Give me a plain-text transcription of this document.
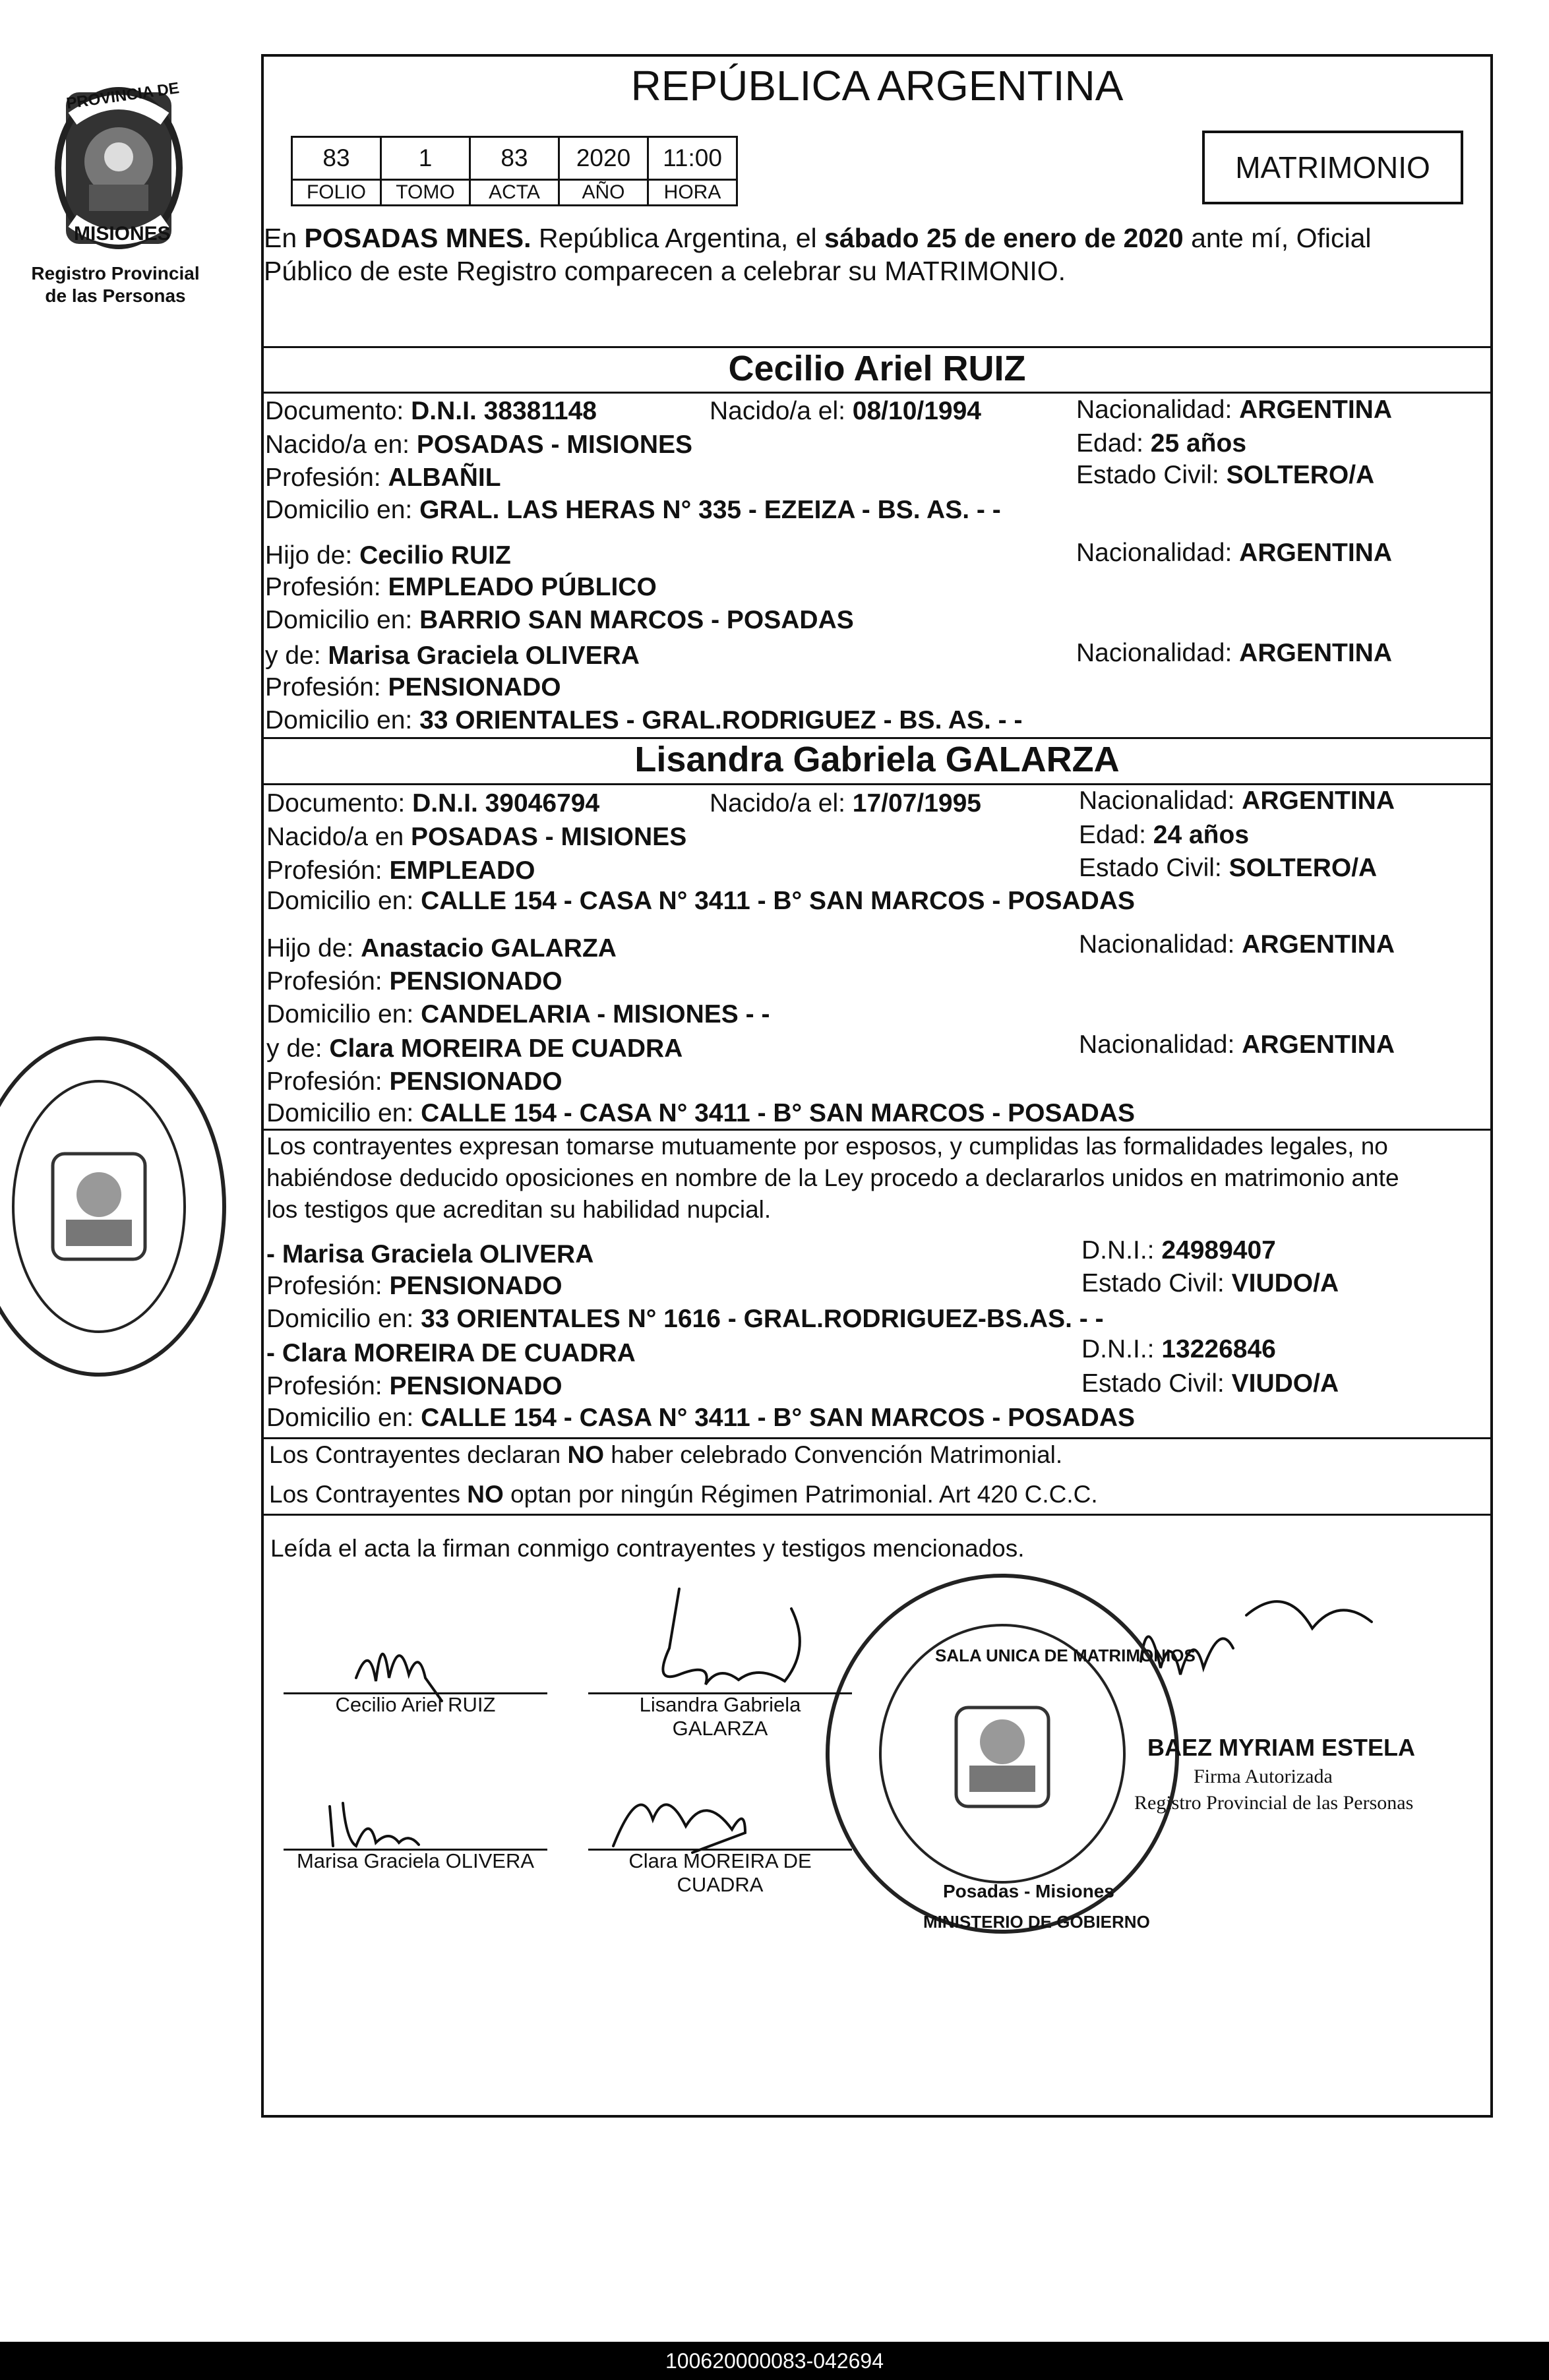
PROVINCIA DE
MISIONES
Registro Provincial
de las Personas
REPÚBLICA ARGENTINA
83	1	83	2020	11:00
FOLIO	TOMO	ACTA	AÑO	HORA
MATRIMONIO
En POSADAS MNES. República Argentina, el sábado 25 de enero de 2020 ante mí, Oficial
Público de este Registro comparecen a celebrar su MATRIMONIO.
Cecilio Ariel RUIZ
Documento: D.N.I. 38381148	Nacido/a el: 08/10/1994	Nacionalidad: ARGENTINA
Nacido/a en: POSADAS - MISIONES	Edad: 25 años
Profesión: ALBAÑIL	Estado Civil: SOLTERO/A
Domicilio en: GRAL. LAS HERAS N° 335 - EZEIZA - BS. AS. - -
Hijo de: Cecilio RUIZ	Nacionalidad: ARGENTINA
Profesión: EMPLEADO PÚBLICO
Domicilio en: BARRIO SAN MARCOS - POSADAS
y de: Marisa Graciela OLIVERA	Nacionalidad: ARGENTINA
Profesión: PENSIONADO
Domicilio en: 33 ORIENTALES - GRAL.RODRIGUEZ - BS. AS. - -
Lisandra Gabriela GALARZA
Documento: D.N.I. 39046794	Nacido/a el: 17/07/1995	Nacionalidad: ARGENTINA
Nacido/a en POSADAS - MISIONES	Edad: 24 años
Profesión: EMPLEADO	Estado Civil: SOLTERO/A
Domicilio en: CALLE 154 - CASA N° 3411 - B° SAN MARCOS - POSADAS
Hijo de: Anastacio GALARZA	Nacionalidad: ARGENTINA
Profesión: PENSIONADO
Domicilio en: CANDELARIA - MISIONES - -
y de: Clara MOREIRA DE CUADRA	Nacionalidad: ARGENTINA
Profesión: PENSIONADO
Domicilio en: CALLE 154 - CASA N° 3411 - B° SAN MARCOS - POSADAS
Los contrayentes expresan tomarse mutuamente por esposos, y cumplidas las formalidades legales, no
habiéndose deducido oposiciones en nombre de la Ley procedo a declararlos unidos en matrimonio ante
los testigos que acreditan su habilidad nupcial.
- Marisa Graciela OLIVERA	D.N.I.: 24989407
Profesión: PENSIONADO	Estado Civil: VIUDO/A
Domicilio en: 33 ORIENTALES N° 1616 - GRAL.RODRIGUEZ-BS.AS. - -
- Clara MOREIRA DE CUADRA	D.N.I.: 13226846
Profesión: PENSIONADO	Estado Civil: VIUDO/A
Domicilio en: CALLE 154 - CASA N° 3411 - B° SAN MARCOS - POSADAS
Los Contrayentes declaran NO haber celebrado Convención Matrimonial.
Los Contrayentes NO optan por ningún Régimen Patrimonial. Art 420 C.C.C.
Leída el acta la firman conmigo contrayentes y testigos mencionados.
Cecilio Ariel RUIZ	Lisandra Gabriela
GALARZA
Marisa Graciela OLIVERA	Clara MOREIRA DE
CUADRA
BAEZ MYRIAM ESTELA
Firma Autorizada
Registro Provincial de las Personas
SALA UNICA DE MATRIMONIOS
Posadas - Misiones
MINISTERIO DE GOBIERNO
100620000083-042694
